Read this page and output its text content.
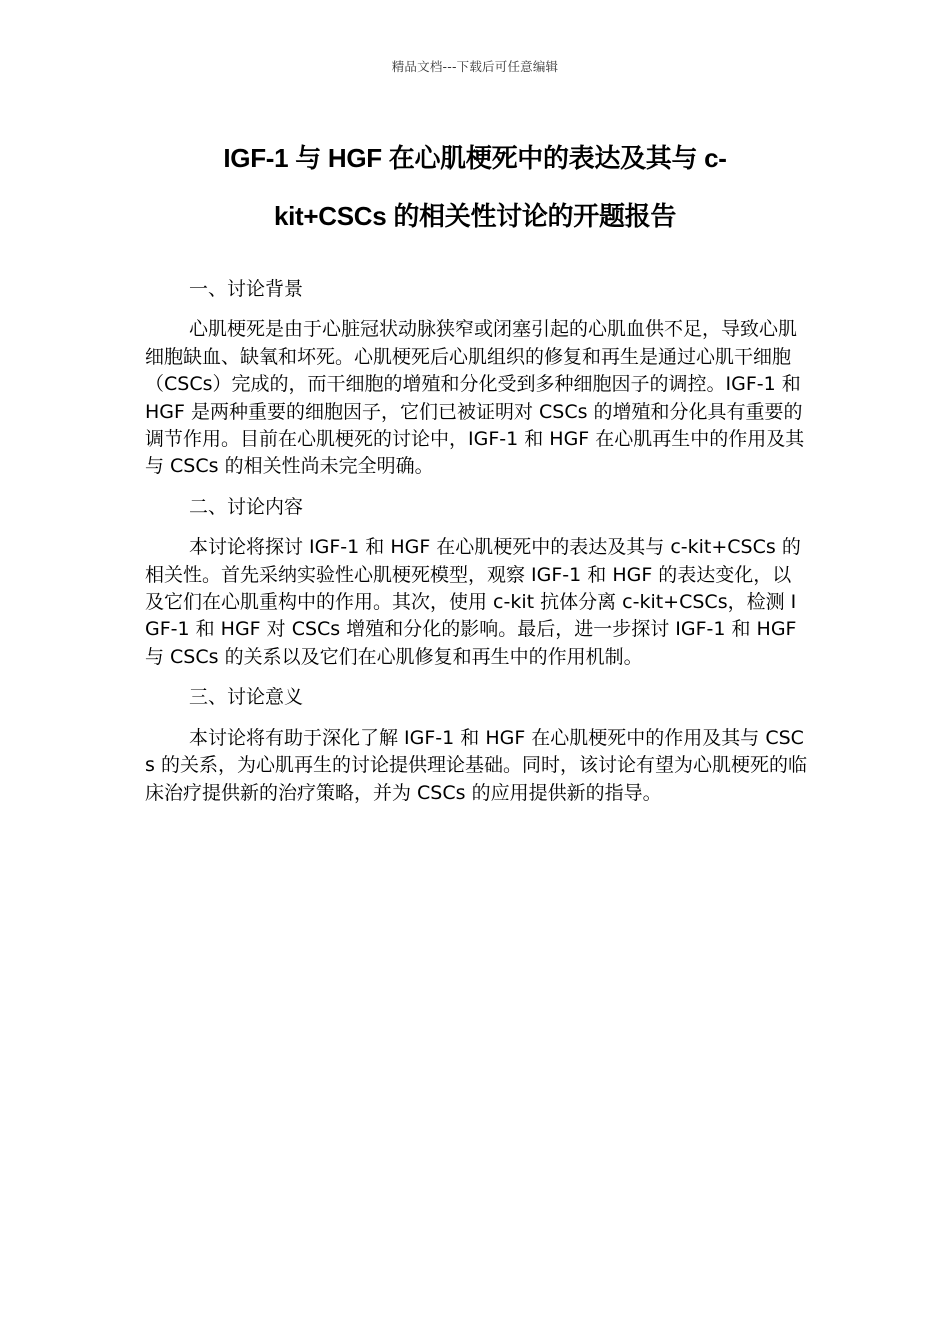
精品文档---下载后可任意编辑
IGF-1 与 HGF 在心肌梗死中的表达及其与 c-
kit+CSCs 的相关性讨论的开题报告
一、讨论背景

心肌梗死是由于心脏冠状动脉狭窄或闭塞引起的心肌血供不足，导致心肌细胞缺血、缺氧和坏死。心肌梗死后心肌组织的修复和再生是通过心肌干细胞（CSCs）完成的，而干细胞的增殖和分化受到多种细胞因子的调控。IGF-1 和 HGF 是两种重要的细胞因子，它们已被证明对 CSCs 的增殖和分化具有重要的调节作用。目前在心肌梗死的讨论中，IGF-1 和 HGF 在心肌再生中的作用及其与 CSCs 的相关性尚未完全明确。

二、讨论内容

本讨论将探讨 IGF-1 和 HGF 在心肌梗死中的表达及其与 c-kit+CSCs 的相关性。首先采纳实验性心肌梗死模型，观察 IGF-1 和 HGF 的表达变化，以及它们在心肌重构中的作用。其次，使用 c-kit 抗体分离 c-kit+CSCs，检测 IGF-1 和 HGF 对 CSCs 增殖和分化的影响。最后，进一步探讨 IGF-1 和 HGF 与 CSCs 的关系以及它们在心肌修复和再生中的作用机制。

三、讨论意义

本讨论将有助于深化了解 IGF-1 和 HGF 在心肌梗死中的作用及其与 CSCs 的关系，为心肌再生的讨论提供理论基础。同时，该讨论有望为心肌梗死的临床治疗提供新的治疗策略，并为 CSCs 的应用提供新的指导。
